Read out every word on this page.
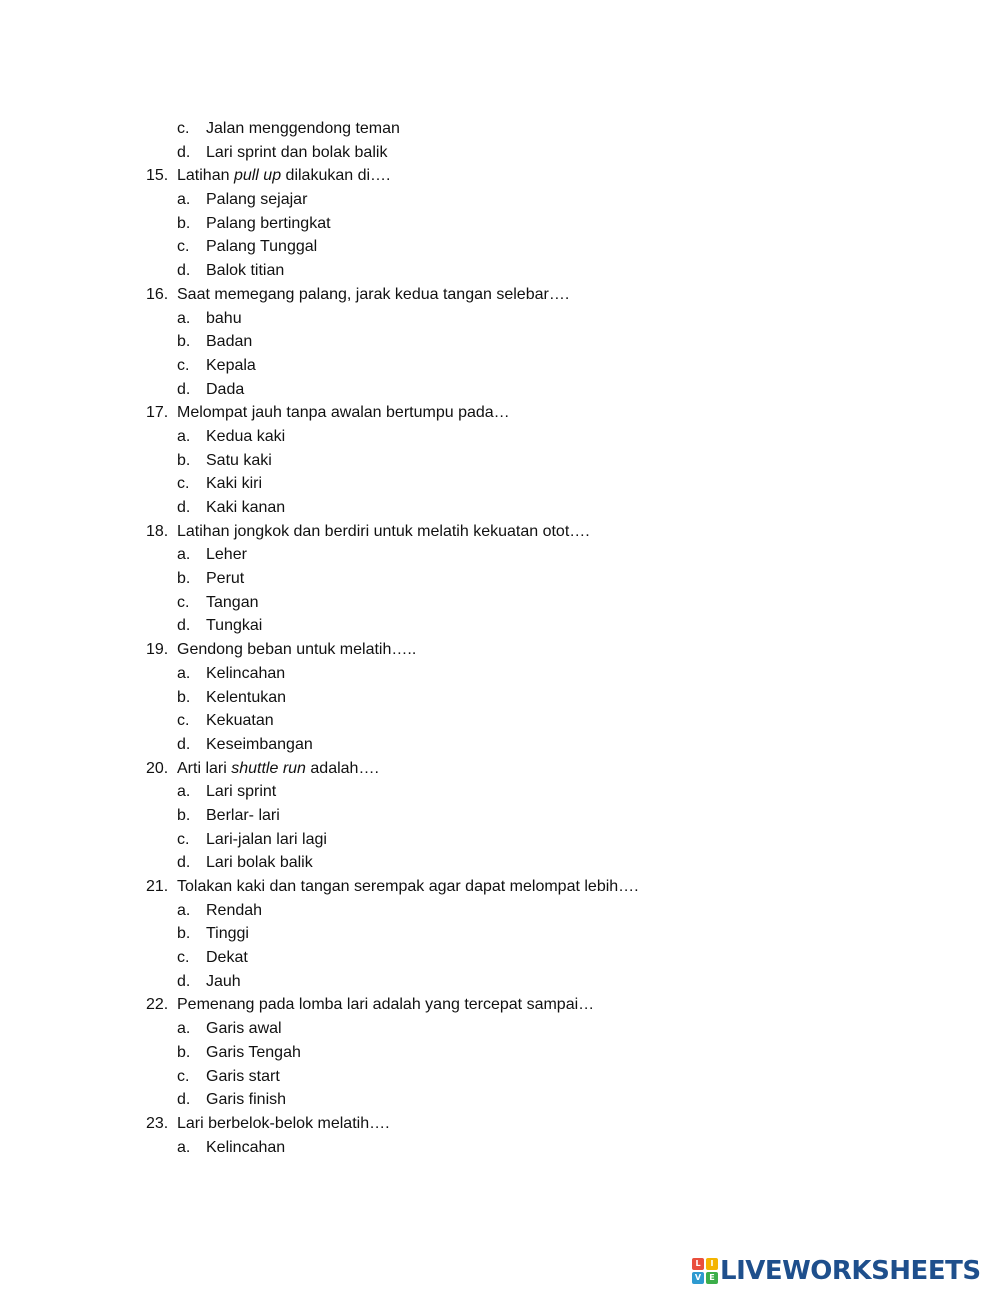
c. Jalan menggendong teman
d. Lari sprint dan bolak balik
15. Latihan pull up dilakukan di….
a. Palang sejajar
b. Palang bertingkat
c. Palang Tunggal
d. Balok titian
16. Saat memegang palang, jarak kedua tangan selebar….
a. bahu
b. Badan
c. Kepala
d. Dada
17. Melompat jauh tanpa awalan bertumpu pada…
a. Kedua kaki
b. Satu kaki
c. Kaki kiri
d. Kaki kanan
18. Latihan jongkok dan berdiri untuk melatih kekuatan otot….
a. Leher
b. Perut
c. Tangan
d. Tungkai
19. Gendong beban untuk melatih…..
a. Kelincahan
b. Kelentukan
c. Kekuatan
d. Keseimbangan
20. Arti lari shuttle run adalah….
a. Lari sprint
b. Berlar- lari
c. Lari-jalan lari lagi
d. Lari bolak balik
21. Tolakan kaki dan tangan serempak agar dapat melompat lebih….
a. Rendah
b. Tinggi
c. Dekat
d. Jauh
22. Pemenang pada lomba lari adalah yang tercepat sampai…
a. Garis awal
b. Garis Tengah
c. Garis start
d. Garis finish
23. Lari berbelok-belok melatih….
a. Kelincahan
L	I
V	E LIVEWORKSHEETS
